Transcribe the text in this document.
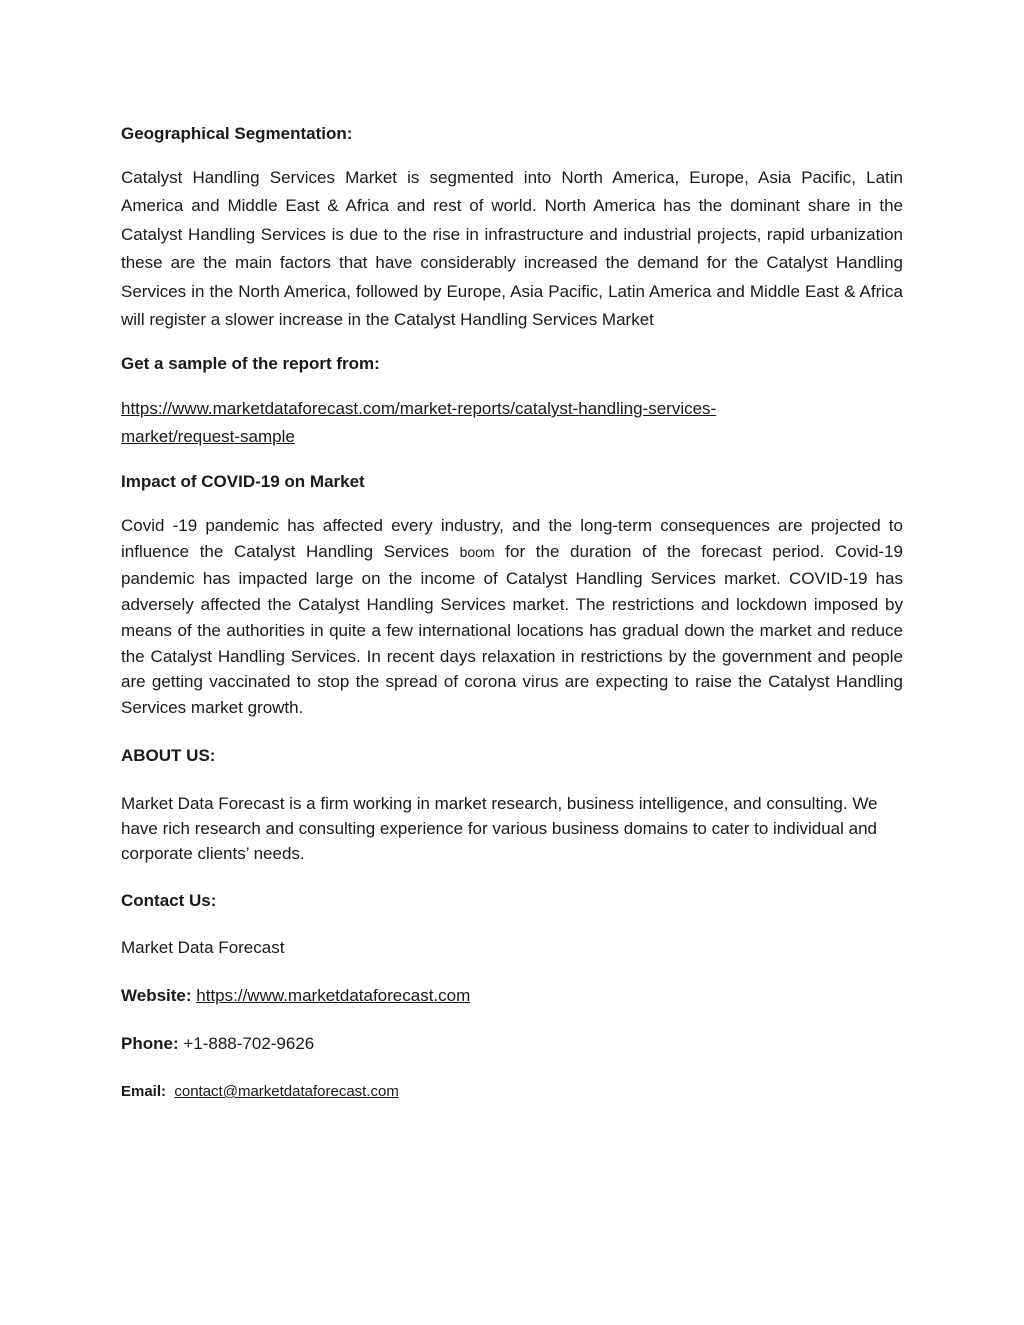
Geographical Segmentation:

Catalyst Handling Services Market is segmented into North America, Europe, Asia Pacific, Latin America and Middle East & Africa and rest of world. North America has the dominant share in the Catalyst Handling Services is due to the rise in infrastructure and industrial projects, rapid urbanization these are the main factors that have considerably increased the demand for the Catalyst Handling Services in the North America, followed by Europe, Asia Pacific, Latin America and Middle East & Africa will register a slower increase in the Catalyst Handling Services Market

Get a sample of the report from:
https://www.marketdataforecast.com/market-reports/catalyst-handling-services-
market/request-sample
Impact of COVID-19 on Market

Covid -19 pandemic has affected every industry, and the long-term consequences are projected to influence the Catalyst Handling Services boom for the duration of the forecast period. Covid-19 pandemic has impacted large on the income of Catalyst Handling Services market. COVID-19 has adversely affected the Catalyst Handling Services market. The restrictions and lockdown imposed by means of the authorities in quite a few international locations has gradual down the market and reduce the Catalyst Handling Services. In recent days relaxation in restrictions by the government and people are getting vaccinated to stop the spread of corona virus are expecting to raise the Catalyst Handling Services market growth.

ABOUT US:

Market Data Forecast is a firm working in market research, business intelligence, and consulting. We have rich research and consulting experience for various business domains to cater to individual and corporate clients’ needs.

Contact Us:
Market Data Forecast
Website: https://www.marketdataforecast.com
Phone: +1-888-702-9626
Email: contact@marketdataforecast.com
